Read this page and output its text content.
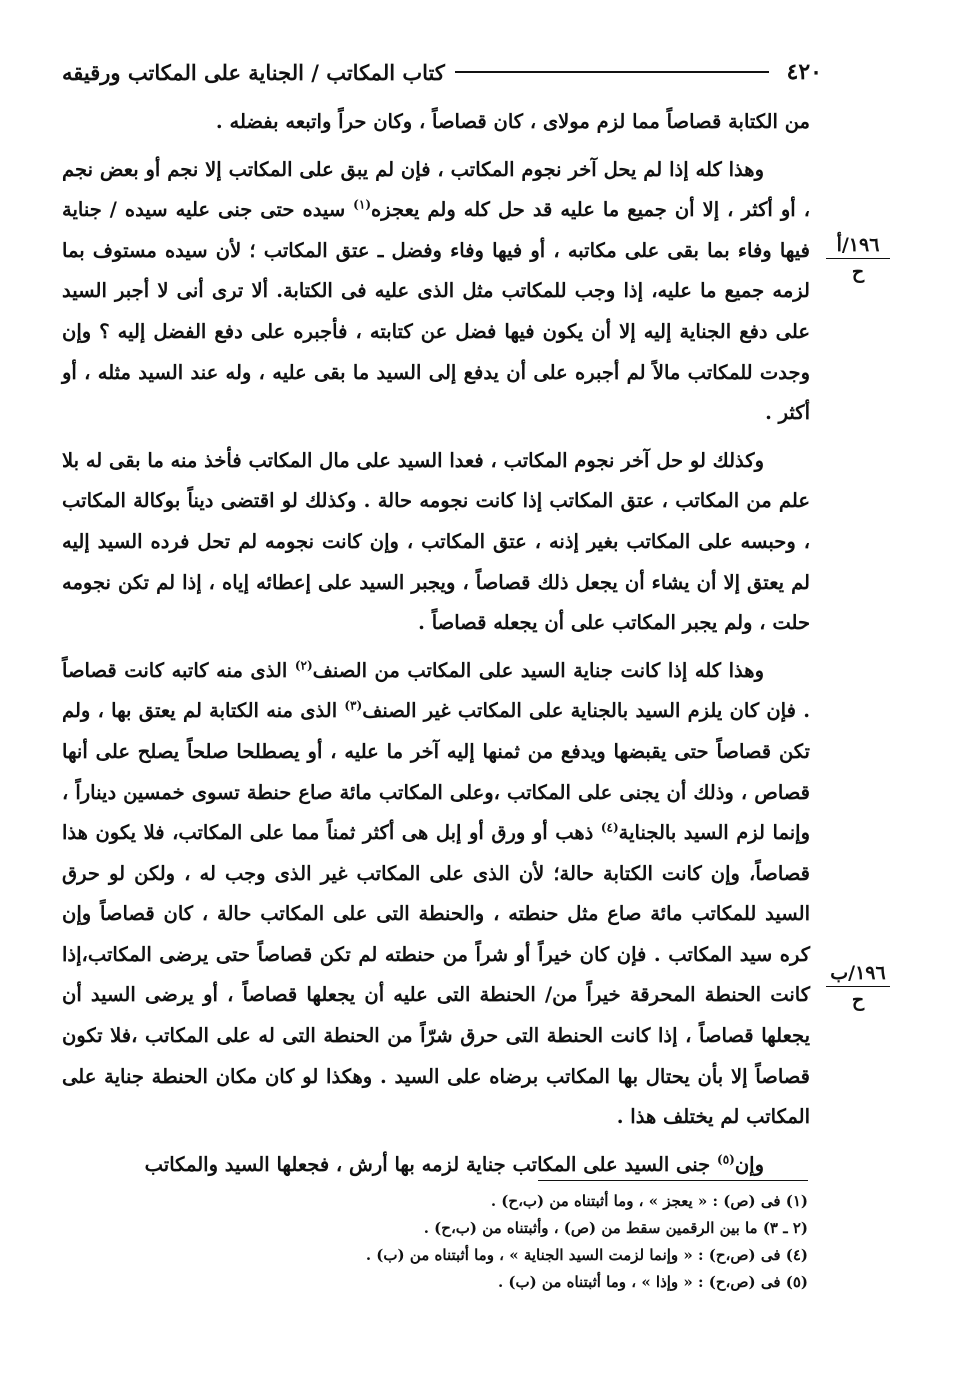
٤٢٠
كتاب المكاتب / الجناية على المكاتب ورقيقه

من الكتابة قصاصاً مما لزم مولاى ، كان قصاصاً ، وكان حراً واتبعه بفضله .

وهذا كله إذا لم يحل آخر نجوم المكاتب ، فإن لم يبق على المكاتب إلا نجم أو بعض نجم ، أو أكثر ، إلا أن جميع ما عليه قد حل كله ولم يعجزه$^{(١)}$ سيده حتى جنى عليه سيده / جناية فيها وفاء بما بقى على مكاتبه ، أو فيها وفاء وفضل ـ عتق المكاتب ؛ لأن سيده مستوف بما لزمه جميع ما عليه، إذا وجب للمكاتب مثل الذى عليه فى الكتابة. ألا ترى أنى لا أجبر السيد على دفع الجناية إليه إلا أن يكون فيها فضل عن كتابته ، فأجبره على دفع الفضل إليه ؟ وإن وجدت للمكاتب مالاً لم أجبره على أن يدفع إلى السيد ما بقى عليه ، وله عند السيد مثله ، أو أكثر .

وكذلك لو حل آخر نجوم المكاتب ، فعدا السيد على مال المكاتب فأخذ منه ما بقى له بلا علم من المكاتب ، عتق المكاتب إذا كانت نجومه حالة . وكذلك لو اقتضى ديناً بوكالة المكاتب ، وحبسه على المكاتب بغير إذنه ، عتق المكاتب ، وإن كانت نجومه لم تحل فرده السيد إليه لم يعتق إلا أن يشاء أن يجعل ذلك قصاصاً ، ويجبر السيد على إعطائه إياه ، إذا لم تكن نجومه حلت ، ولم يجبر المكاتب على أن يجعله قصاصاً .

وهذا كله إذا كانت جناية السيد على المكاتب من الصنف$^{(٢)}$ الذى منه كاتبه كانت قصاصاً . فإن كان يلزم السيد بالجناية على المكاتب غير الصنف$^{(٣)}$ الذى منه الكتابة لم يعتق بها ، ولم تكن قصاصاً حتى يقبضها ويدفع من ثمنها إليه آخر ما عليه ، أو يصطلحا صلحاً يصلح على أنها قصاص ، وذلك أن يجنى على المكاتب ،وعلى المكاتب مائة صاع حنطة تسوى خمسين ديناراً ، وإنما لزم السيد بالجناية$^{(٤)}$ ذهب أو ورق أو إبل هى أكثر ثمناً مما على المكاتب، فلا يكون هذا قصاصاً، وإن كانت الكتابة حالة؛ لأن الذى على المكاتب غير الذى وجب له ، ولكن لو حرق السيد للمكاتب مائة صاع مثل حنطته ، والحنطة التى على المكاتب حالة ، كان قصاصاً وإن كره سيد المكاتب . فإن كان خيراً أو شراً من حنطته لم تكن قصاصاً حتى يرضى المكاتب،إذا كانت الحنطة المحرقة خيراً من/ الحنطة التى عليه أن يجعلها قصاصاً ، أو يرضى السيد أن يجعلها قصاصاً ، إذا كانت الحنطة التى حرق شرّاً من الحنطة التى له على المكاتب ،فلا تكون قصاصاً إلا بأن يحتال بها المكاتب برضاه على السيد . وهكذا لو كان مكان الحنطة جناية على المكاتب لم يختلف هذا .

وإن$^{(٥)}$ جنى السيد على المكاتب جناية لزمه بها أرش ، فجعلها السيد والمكاتب

١٩٦/أ
ح
١٩٦/ب
ح
(١) فى (ص) : « يعجز » ، وما أثبتناه من (ب،ح) .
(٢ ـ ٣) ما بين الرقمين سقط من (ص) ، وأثبتناه من (ب،ح) .
(٤) فى (ص،ح) : « وإنما لزمت السيد الجناية » ، وما أثبتناه من (ب) .
(٥) فى (ص،ح) : « وإذا » ، وما أثبتناه من (ب) .
